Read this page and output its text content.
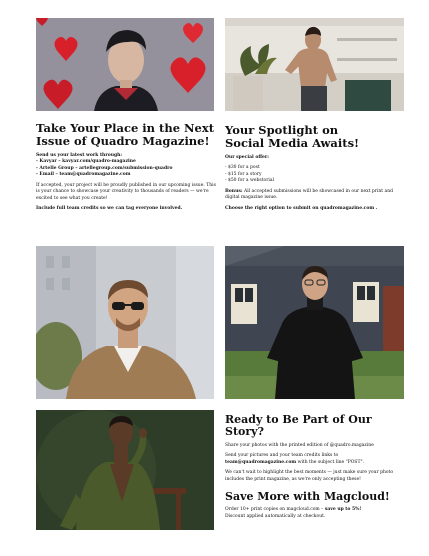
Take Your Place in the Next
Issue of Quadro Magazine!

Send us your latest work through:

- Kavyar – kavyar.com/quadro-magazine

- Artelle Group – artellegroup.com/submission-quadro

- Email – team@quadromagazine.com

If accepted, your project will be proudly published in our upcoming issue. This is your chance to showcase your creativity to thousands of readers — we're excited to see what you create!

Include full team credits so we can tag everyone involved.

Your Spotlight on
Social Media Awaits!

Our special offer:

- $30 for a post

- $15 for a story

- $50 for a webstorial

Bonus: All accepted submissions will be showcased in our next print and digital magazine issue.

Choose the right option to submit on quadromagazine.com .

Ready to Be Part of Our Story?

Share your photos with the printed edition of @quadro.magazine

Send your pictures and your team credits links to
team@quadromagazine.com with the subject line "POST".

We can't wait to highlight the best moments — just make sure your photo includes the print magazine, as we're only accepting these!

Save More with Magcloud!

Order 10+ print copies on magcloud.com – save up to 5%!

Discount applied automatically at checkout.
